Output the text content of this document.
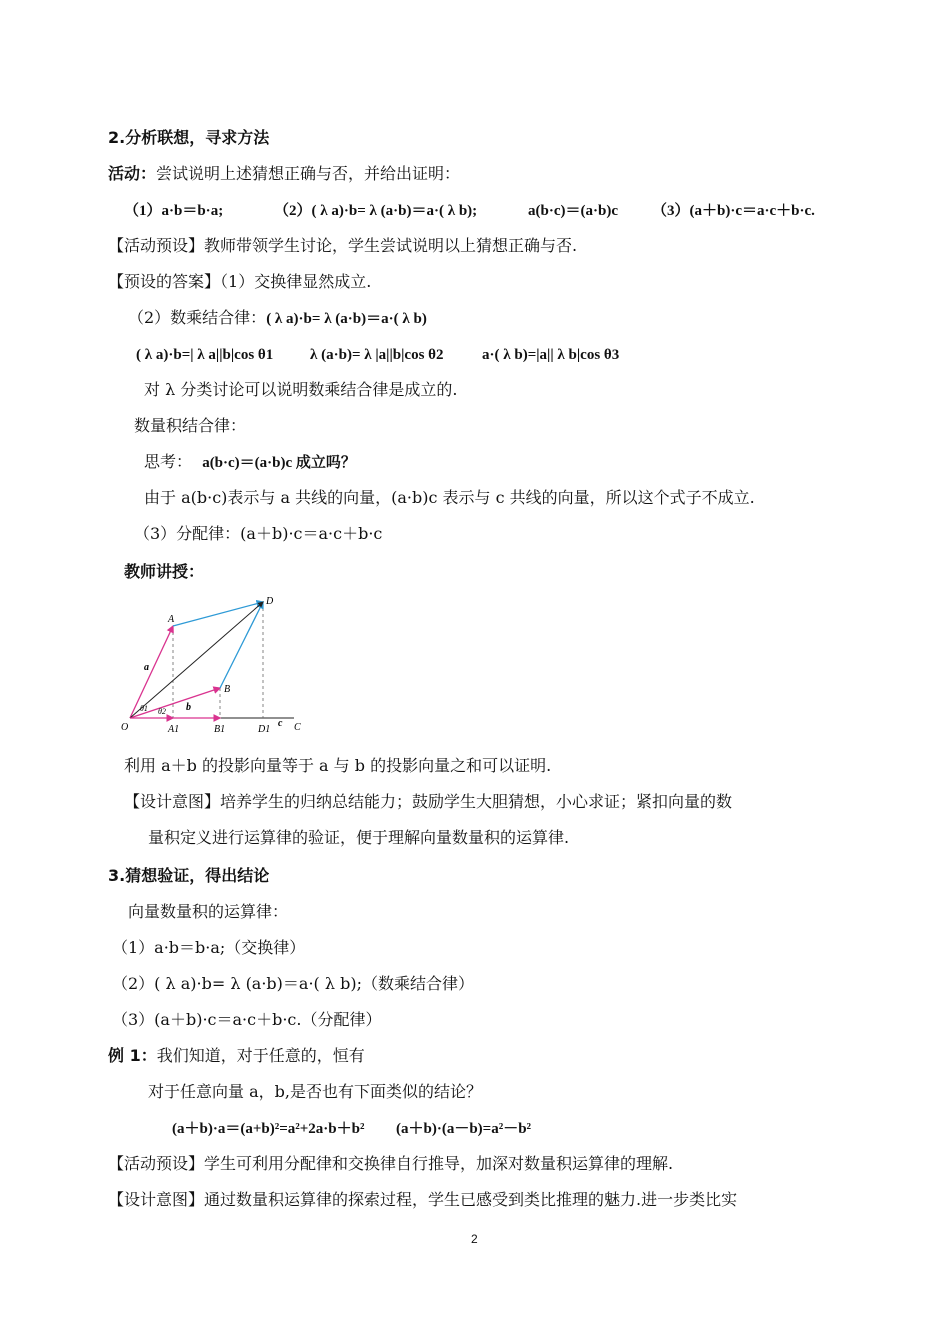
2.分析联想，寻求方法
活动：尝试说明上述猜想正确与否，并给出证明：
（1）a·b＝b·a;	（2）( λ a)·b= λ (a·b)＝a·( λ b);	a(b·c)＝(a·b)c （3）(a＋b)·c＝a·c＋b·c.
【活动预设】教师带领学生讨论，学生尝试说明以上猜想正确与否.
【预设的答案】（1）交换律显然成立.
（2）数乘结合律：( λ a)·b= λ (a·b)＝a·( λ b)
( λ a)·b=| λ a||b|cos θ1 λ (a·b)= λ |a||b|cos θ2	a·( λ b)=|a|| λ b|cos θ3
对 λ 分类讨论可以说明数乘结合律是成立的.
数量积结合律：
思考： a(b·c)＝(a·b)c 成立吗？
由于 a(b·c)表示与 a 共线的向量，(a·b)c 表示与 c 共线的向量，所以这个式子不成立.
（3）分配律：(a＋b)·c＝a·c＋b·c
教师讲授：
A
D
B
O	C
a
b
c
A1	B1	D1
θ1 θ2
利用 a＋b 的投影向量等于 a 与 b 的投影向量之和可以证明.
【设计意图】培养学生的归纳总结能力；鼓励学生大胆猜想，小心求证；紧扣向量的数
量积定义进行运算律的验证，便于理解向量数量积的运算律.
3.猜想验证，得出结论
向量数量积的运算律：
（1）a·b＝b·a;（交换律）
（2）( λ a)·b= λ (a·b)＝a·( λ b);（数乘结合律）
（3）(a＋b)·c＝a·c＋b·c.（分配律）
例 1：我们知道，对于任意的，恒有
对于任意向量 a，b,是否也有下面类似的结论？
(a＋b)·a＝(a+b)²=a²+2a·b＋b² (a＋b)·(a－b)=a²－b²
【活动预设】学生可利用分配律和交换律自行推导，加深对数量积运算律的理解.
【设计意图】通过数量积运算律的探索过程，学生已感受到类比推理的魅力.进一步类比实
2
